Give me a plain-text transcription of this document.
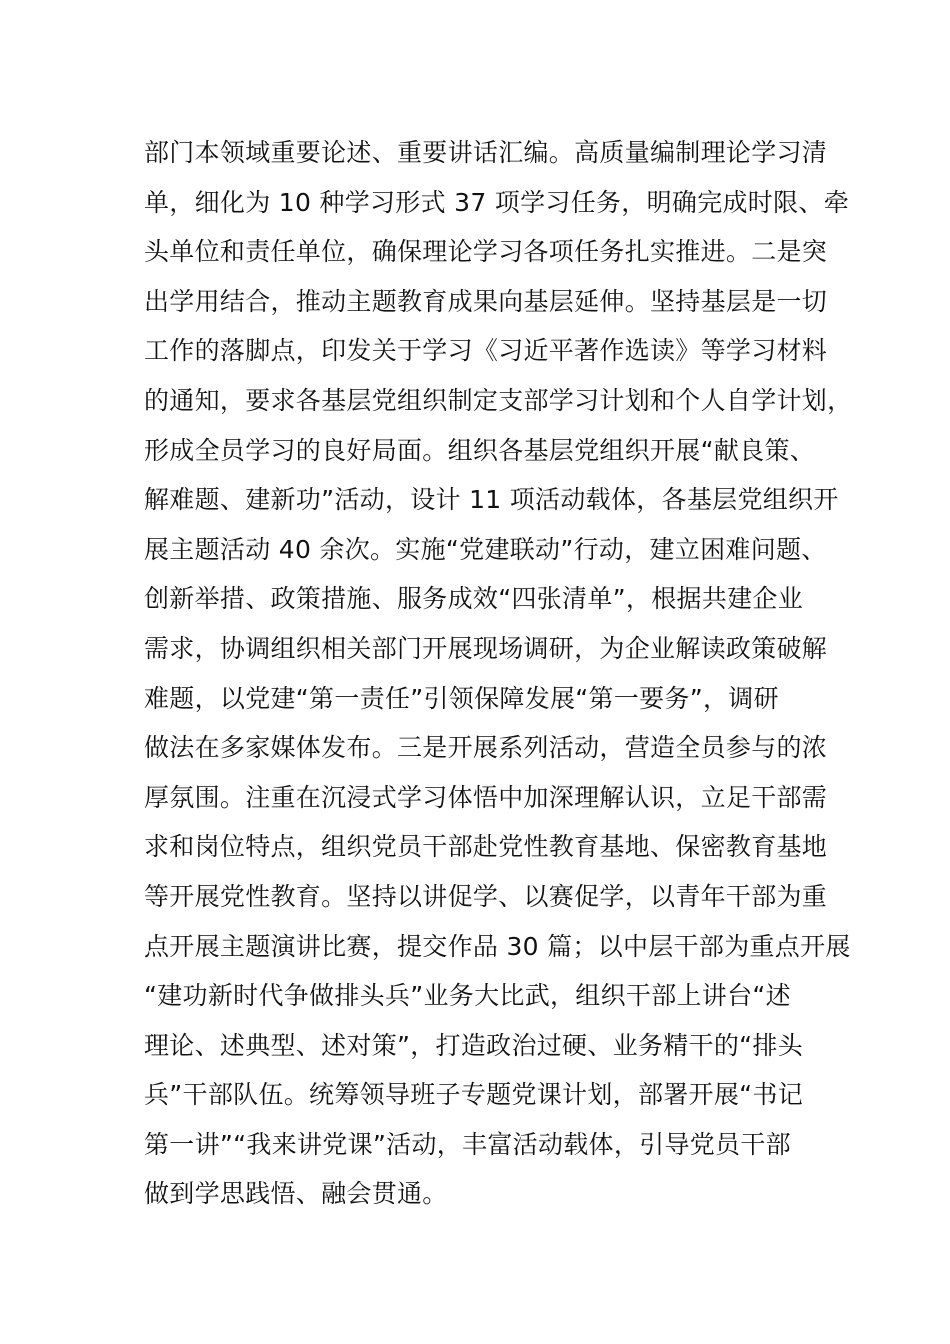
部门本领域重要论述、重要讲话汇编。高质量编制理论学习清
单，细化为 10 种学习形式 37 项学习任务，明确完成时限、牵
头单位和责任单位，确保理论学习各项任务扎实推进。二是突
出学用结合，推动主题教育成果向基层延伸。坚持基层是一切
工作的落脚点，印发关于学习《习近平著作选读》等学习材料
的通知，要求各基层党组织制定支部学习计划和个人自学计划，
形成全员学习的良好局面。组织各基层党组织开展“献良策、
解难题、建新功”活动，设计 11 项活动载体，各基层党组织开
展主题活动 40 余次。实施“党建联动”行动，建立困难问题、
创新举措、政策措施、服务成效“四张清单”，根据共建企业
需求，协调组织相关部门开展现场调研，为企业解读政策破解
难题，以党建“第一责任”引领保障发展“第一要务”，调研
做法在多家媒体发布。三是开展系列活动，营造全员参与的浓
厚氛围。注重在沉浸式学习体悟中加深理解认识，立足干部需
求和岗位特点，组织党员干部赴党性教育基地、保密教育基地
等开展党性教育。坚持以讲促学、以赛促学，以青年干部为重
点开展主题演讲比赛，提交作品 30 篇；以中层干部为重点开展
“建功新时代争做排头兵”业务大比武，组织干部上讲台“述
理论、述典型、述对策”，打造政治过硬、业务精干的“排头
兵”干部队伍。统筹领导班子专题党课计划，部署开展“书记
第一讲”“我来讲党课”活动，丰富活动载体，引导党员干部
做到学思践悟、融会贯通。
